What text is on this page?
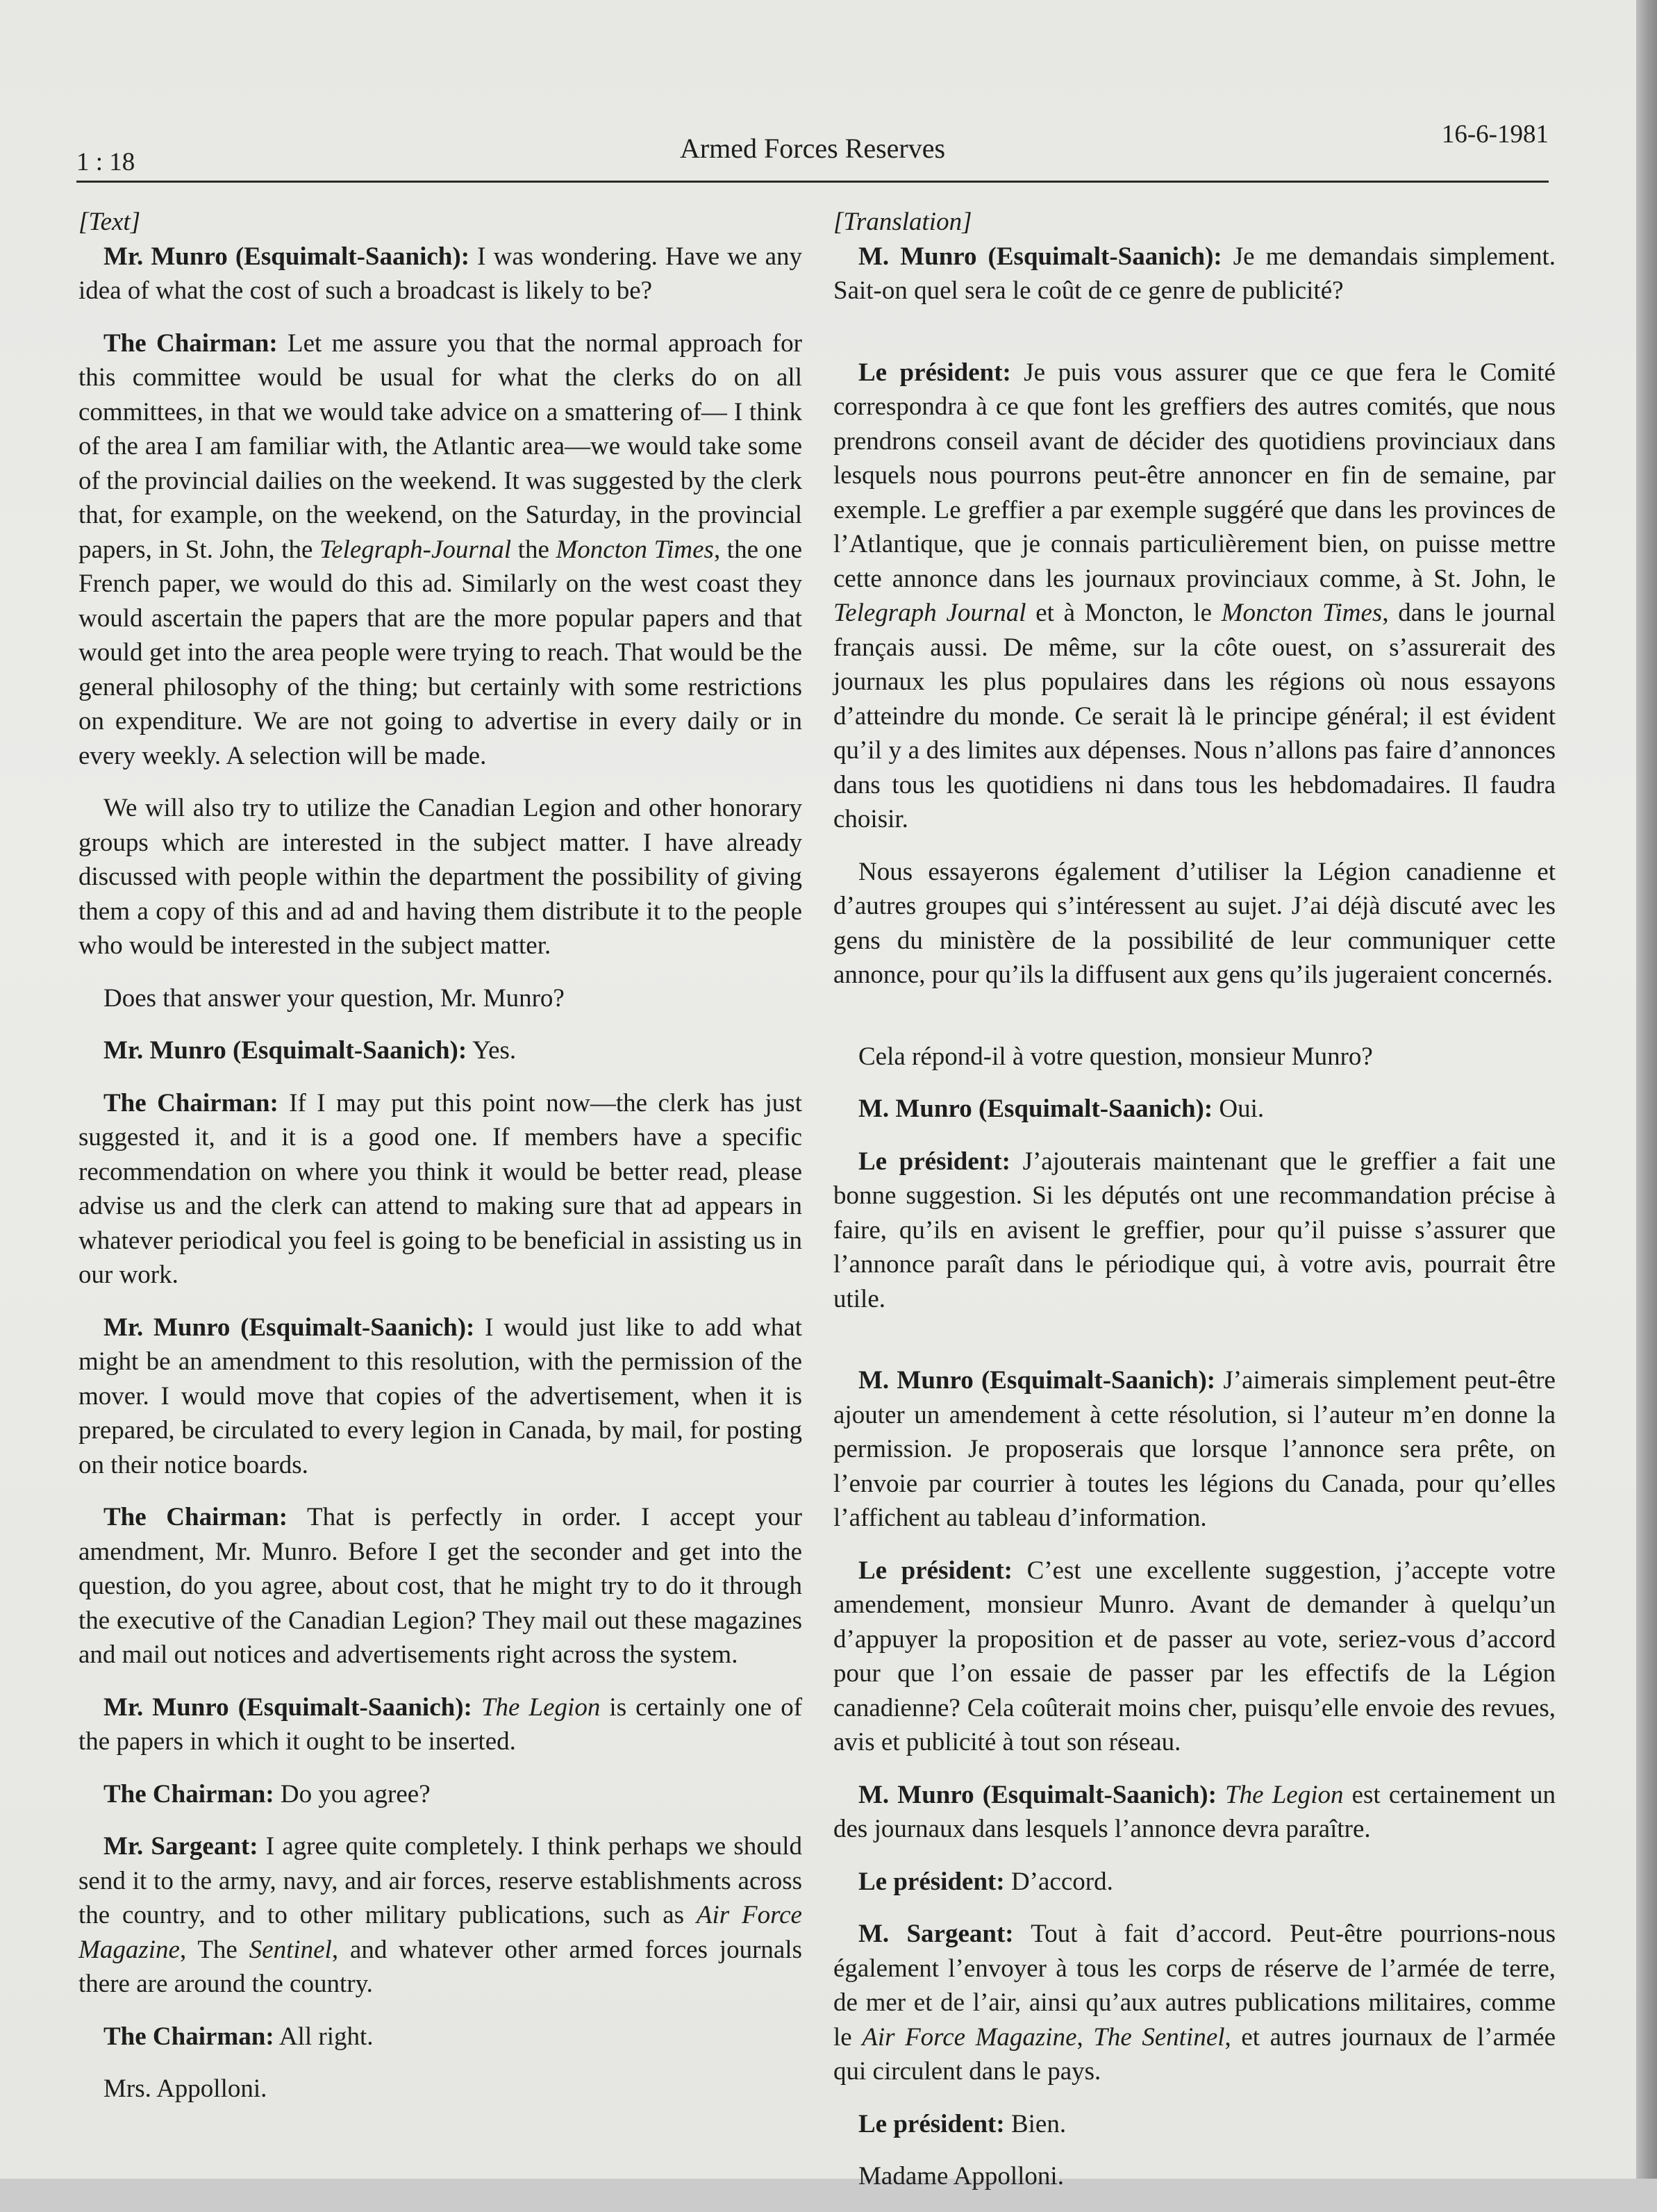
1 : 18	Armed Forces Reserves	16-6-1981
[Text]

Mr. Munro (Esquimalt-Saanich): I was wondering. Have we any idea of what the cost of such a broadcast is likely to be?

The Chairman: Let me assure you that the normal approach for this committee would be usual for what the clerks do on all committees, in that we would take advice on a smattering of— I think of the area I am familiar with, the Atlantic area—we would take some of the provincial dailies on the weekend. It was suggested by the clerk that, for example, on the weekend, on the Saturday, in the provincial papers, in St. John, the Telegraph-Journal the Moncton Times, the one French paper, we would do this ad. Similarly on the west coast they would ascertain the papers that are the more popular papers and that would get into the area people were trying to reach. That would be the general philosophy of the thing; but certainly with some restrictions on expenditure. We are not going to advertise in every daily or in every weekly. A selection will be made.

We will also try to utilize the Canadian Legion and other honorary groups which are interested in the subject matter. I have already discussed with people within the department the possibility of giving them a copy of this and ad and having them distribute it to the people who would be interested in the subject matter.

Does that answer your question, Mr. Munro?

Mr. Munro (Esquimalt-Saanich): Yes.

The Chairman: If I may put this point now—the clerk has just suggested it, and it is a good one. If members have a specific recommendation on where you think it would be better read, please advise us and the clerk can attend to making sure that ad appears in whatever periodical you feel is going to be beneficial in assisting us in our work.

Mr. Munro (Esquimalt-Saanich): I would just like to add what might be an amendment to this resolution, with the permission of the mover. I would move that copies of the advertisement, when it is prepared, be circulated to every legion in Canada, by mail, for posting on their notice boards.

The Chairman: That is perfectly in order. I accept your amendment, Mr. Munro. Before I get the seconder and get into the question, do you agree, about cost, that he might try to do it through the executive of the Canadian Legion? They mail out these magazines and mail out notices and advertisements right across the system.

Mr. Munro (Esquimalt-Saanich): The Legion is certainly one of the papers in which it ought to be inserted.

The Chairman: Do you agree?

Mr. Sargeant: I agree quite completely. I think perhaps we should send it to the army, navy, and air forces, reserve establishments across the country, and to other military publications, such as Air Force Magazine, The Sentinel, and whatever other armed forces journals there are around the country.

The Chairman: All right.

Mrs. Appolloni.

[Translation]

M. Munro (Esquimalt-Saanich): Je me demandais simplement. Sait-on quel sera le coût de ce genre de publicité?

Le président: Je puis vous assurer que ce que fera le Comité correspondra à ce que font les greffiers des autres comités, que nous prendrons conseil avant de décider des quotidiens provinciaux dans lesquels nous pourrons peut-être annoncer en fin de semaine, par exemple. Le greffier a par exemple suggéré que dans les provinces de l’Atlantique, que je connais particulièrement bien, on puisse mettre cette annonce dans les journaux provinciaux comme, à St. John, le Telegraph Journal et à Moncton, le Moncton Times, dans le journal français aussi. De même, sur la côte ouest, on s’assurerait des journaux les plus populaires dans les régions où nous essayons d’atteindre du monde. Ce serait là le principe général; il est évident qu’il y a des limites aux dépenses. Nous n’allons pas faire d’annonces dans tous les quotidiens ni dans tous les hebdomadaires. Il faudra choisir.

Nous essayerons également d’utiliser la Légion canadienne et d’autres groupes qui s’intéressent au sujet. J’ai déjà discuté avec les gens du ministère de la possibilité de leur communiquer cette annonce, pour qu’ils la diffusent aux gens qu’ils jugeraient concernés.

Cela répond-il à votre question, monsieur Munro?

M. Munro (Esquimalt-Saanich): Oui.

Le président: J’ajouterais maintenant que le greffier a fait une bonne suggestion. Si les députés ont une recommandation précise à faire, qu’ils en avisent le greffier, pour qu’il puisse s’assurer que l’annonce paraît dans le périodique qui, à votre avis, pourrait être utile.

M. Munro (Esquimalt-Saanich): J’aimerais simplement peut-être ajouter un amendement à cette résolution, si l’auteur m’en donne la permission. Je proposerais que lorsque l’annonce sera prête, on l’envoie par courrier à toutes les légions du Canada, pour qu’elles l’affichent au tableau d’information.

Le président: C’est une excellente suggestion, j’accepte votre amendement, monsieur Munro. Avant de demander à quelqu’un d’appuyer la proposition et de passer au vote, seriez-vous d’accord pour que l’on essaie de passer par les effectifs de la Légion canadienne? Cela coûterait moins cher, puisqu’elle envoie des revues, avis et publicité à tout son réseau.

M. Munro (Esquimalt-Saanich): The Legion est certainement un des journaux dans lesquels l’annonce devra paraître.

Le président: D’accord.

M. Sargeant: Tout à fait d’accord. Peut-être pourrions-nous également l’envoyer à tous les corps de réserve de l’armée de terre, de mer et de l’air, ainsi qu’aux autres publications militaires, comme le Air Force Magazine, The Sentinel, et autres journaux de l’armée qui circulent dans le pays.

Le président: Bien.

Madame Appolloni.
